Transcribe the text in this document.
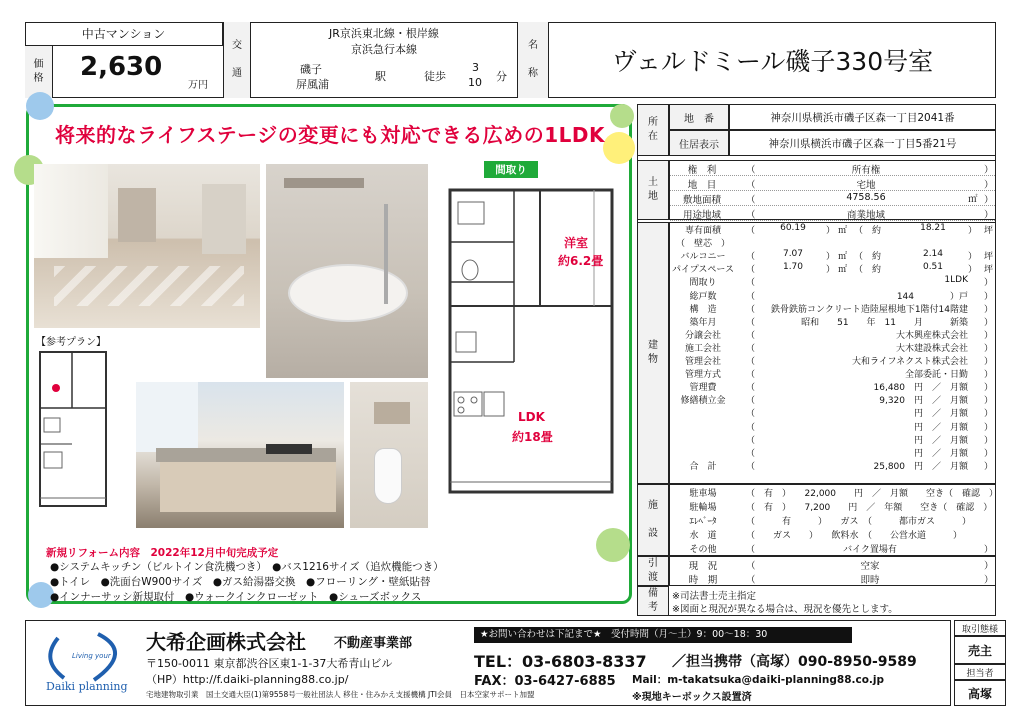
中古マンション
価
格 2,630
万円
交
通
JR京浜東北線・根岸線
京浜急行本線
磯子
屏風浦
駅	徒歩
3
10 分
名
称	ヴェルドミール磯子330号室
将来的なライフステージの変更にも対応できる広めの1LDK
間取り
洋室
約6.2畳
LDK
約18畳
【参考プラン】
新規リフォーム内容　2022年12月中旬完成予定
●システムキッチン（ビルトイン食洗機つき）　●バス1216サイズ（追炊機能つき）
●トイレ　●洗面台W900サイズ　●ガス給湯器交換　●フローリング・壁紙貼替
●インナーサッシ新規取付　●ウォークインクローゼット　●シューズボックス
所
在
地　番	神奈川県横浜市磯子区森一丁目2041番
住居表示	神奈川県横浜市磯子区森一丁目5番21号
土
地
権　利	（	所有権	）
地　目	（	宅地	）
敷地面積	（	4758.56	㎡ ）
用途地域	（	商業地域	）
建
物
専有面積	（	60.19	） ㎡ （ 約	18.21	） 坪
（　壁芯　）
バルコニー	（	7.07	） ㎡ （ 約	2.14	） 坪
パイプスペース （	1.70	） ㎡ （ 約	0.51	） 坪
間取り	（	1LDK	）
総戸数	（	144　　　　）戸	）
構　造	（	鉄骨鉄筋コンクリート造陸屋根地下1階付14階建	）
築年月	（	昭和　　51　　年　11　　月　　　新築	）
分譲会社	（	大木興産株式会社	）
施工会社	（	大木建設株式会社	）
管理会社	（	大和ライフネクスト株式会社	）
管理方式	（	全部委託・日勤	）
管理費	（	16,480　円　／　月額	）
修繕積立金	（	9,320　円　／　月額	）
（	円　／　月額	）
（	円　／　月額	）
（	円　／　月額	）
（	円　／　月額	）
合　計	（	25,800　円　／　月額	）
施
設
駐車場	（　有　）　　22,000　　円　／　月額　　空き（　確認　）
駐輪場	（　有　）　　7,200　　円　／　年額　　空き（　確認　）
ｴﾚﾍﾞｰﾀ	（　　　有　　　）　　ガス　（　　　都市ガス　　　）
水　道	（　　ガス　　）　　飲料水　（　　公営水道　　　）
その他	（	バイク置場有	）
引
渡
現　況	（	空家	）
時　期	（	即時	）
備
考
※司法書士売主指定
※図面と現況が異なる場合は、現況を優先とします。
Living your
Daiki planning
大希企画株式会社 不動産事業部
〒150-0011 東京都渋谷区東1-1-37大希青山ビル
（HP）http://f.daiki-planning88.co.jp/
宅地建物取引業　国土交通大臣(1)第9558号一般社団法人 移住・住みかえ支援機構 JTI会員　日本空家サポート加盟
★お問い合わせは下記まで★　受付時間（月～土）9：00～18：30
TEL：03-6803-8337 ／担当携帯（高塚）090-8950-9589
FAX：03-6427-6885 Mail：m-takatsuka@daiki-planning88.co.jp
※現地キーボックス設置済
取引態様
売主
担当者
高塚
